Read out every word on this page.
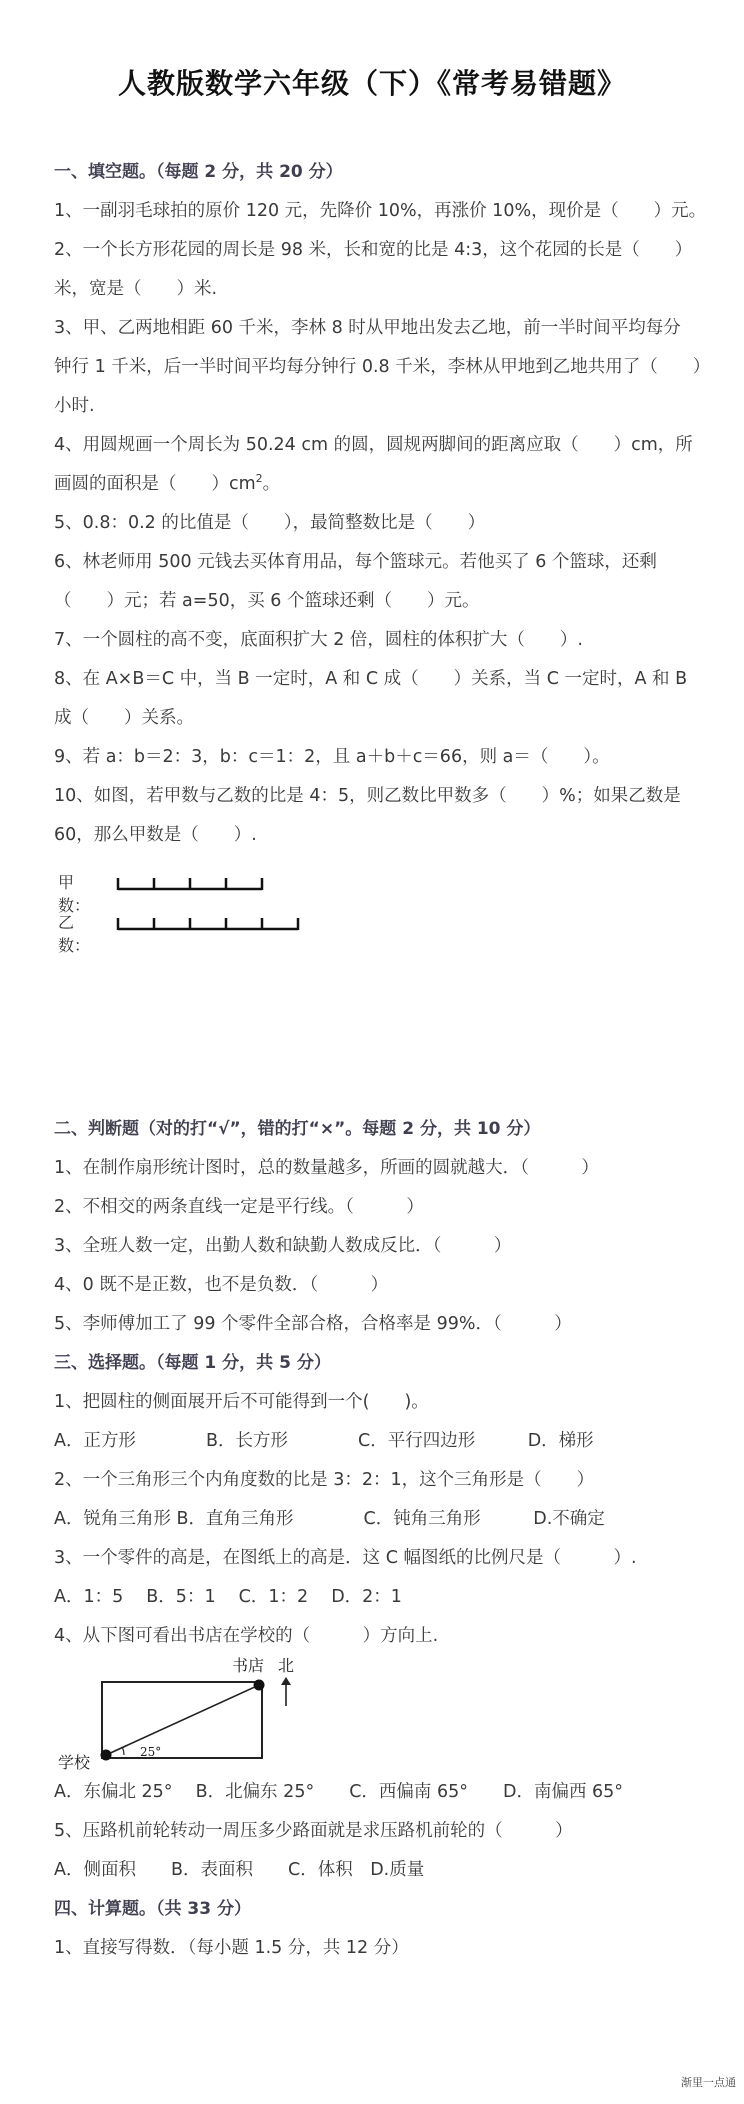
人教版数学六年级（下）《常考易错题》
一、填空题。（每题 2 分，共 20 分）
1、一副羽毛球拍的原价 120 元，先降价 10%，再涨价 10%，现价是（　　）元。
2、一个长方形花园的周长是 98 米，长和宽的比是 4:3，这个花园的长是（　　）
米，宽是（　　）米.
3、甲、乙两地相距 60 千米，李林 8 时从甲地出发去乙地，前一半时间平均每分
钟行 1 千米，后一半时间平均每分钟行 0.8 千米，李林从甲地到乙地共用了（　　）
小时.
4、用圆规画一个周长为 50.24 cm 的圆，圆规两脚间的距离应取（　　）cm，所
画圆的面积是（　　）$cm^2$。
5、0.8：0.2 的比值是（　　），最简整数比是（　　）
6、林老师用 500 元钱去买体育用品，每个篮球元。若他买了 6 个篮球，还剩
（　　）元；若 a=50，买 6 个篮球还剩（　　）元。
7、一个圆柱的高不变，底面积扩大 2 倍，圆柱的体积扩大（　　）.
8、在 A×B＝C 中，当 B 一定时，A 和 C 成（　　）关系，当 C 一定时，A 和 B
成（　　）关系。
9、若 a：b＝2：3，b：c＝1：2，且 a＋b＋c＝66，则 a＝（　　）。
10、如图，若甲数与乙数的比是 4：5，则乙数比甲数多（　　）%；如果乙数是
60，那么甲数是（　　）.
甲数：
乙数：
二、判断题（对的打“√”，错的打“×”。每题 2 分，共 10 分）
1、在制作扇形统计图时，总的数量越多，所画的圆就越大．（　　　）
2、不相交的两条直线一定是平行线。（　　　）
3、全班人数一定，出勤人数和缺勤人数成反比．（　　　）
4、0 既不是正数，也不是负数．（　　　）
5、李师傅加工了 99 个零件全部合格，合格率是 99%．（　　　）
三、选择题。（每题 1 分，共 5 分）
1、把圆柱的侧面展开后不可能得到一个(　　)。
A．正方形　　　　B．长方形　　　　C．平行四边形　　　D．梯形
2、一个三角形三个内角度数的比是 3：2：1，这个三角形是（　　）
A．锐角三角形 B．直角三角形　　　　C．钝角三角形　　　D.不确定
3、一个零件的高是，在图纸上的高是．这 C 幅图纸的比例尺是（　　　）.
A．1：5　 B．5：1　 C．1：2　 D．2：1
4、从下图可看出书店在学校的（　　　）方向上.
25°
书店 北
学校
A．东偏北 25°　 B．北偏东 25°　　C．西偏南 65°　　D．南偏西 65°
5、压路机前轮转动一周压多少路面就是求压路机前轮的（　　　）
A．侧面积　　B．表面积　　C．体积　D.质量
四、计算题。（共 33 分）
1、直接写得数．（每小题 1.5 分，共 12 分）
渐里一点通
